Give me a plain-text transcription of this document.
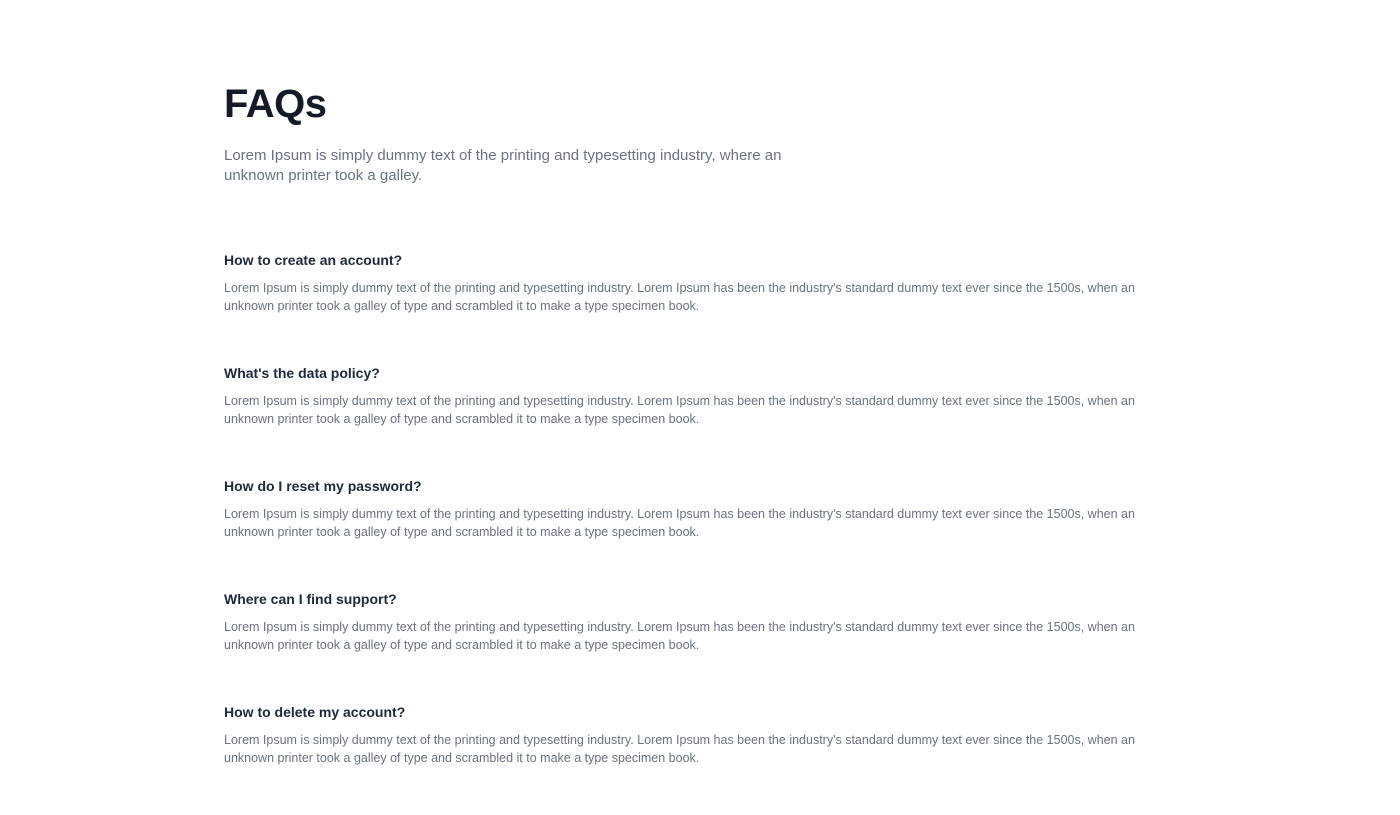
FAQs

Lorem Ipsum is simply dummy text of the printing and typesetting industry, where an unknown printer took a galley.

How to create an account?

Lorem Ipsum is simply dummy text of the printing and typesetting industry. Lorem Ipsum has been the industry's standard dummy text ever since the 1500s, when an unknown printer took a galley of type and scrambled it to make a type specimen book.

What's the data policy?

Lorem Ipsum is simply dummy text of the printing and typesetting industry. Lorem Ipsum has been the industry's standard dummy text ever since the 1500s, when an unknown printer took a galley of type and scrambled it to make a type specimen book.

How do I reset my password?

Lorem Ipsum is simply dummy text of the printing and typesetting industry. Lorem Ipsum has been the industry's standard dummy text ever since the 1500s, when an unknown printer took a galley of type and scrambled it to make a type specimen book.

Where can I find support?

Lorem Ipsum is simply dummy text of the printing and typesetting industry. Lorem Ipsum has been the industry's standard dummy text ever since the 1500s, when an unknown printer took a galley of type and scrambled it to make a type specimen book.

How to delete my account?

Lorem Ipsum is simply dummy text of the printing and typesetting industry. Lorem Ipsum has been the industry's standard dummy text ever since the 1500s, when an unknown printer took a galley of type and scrambled it to make a type specimen book.
